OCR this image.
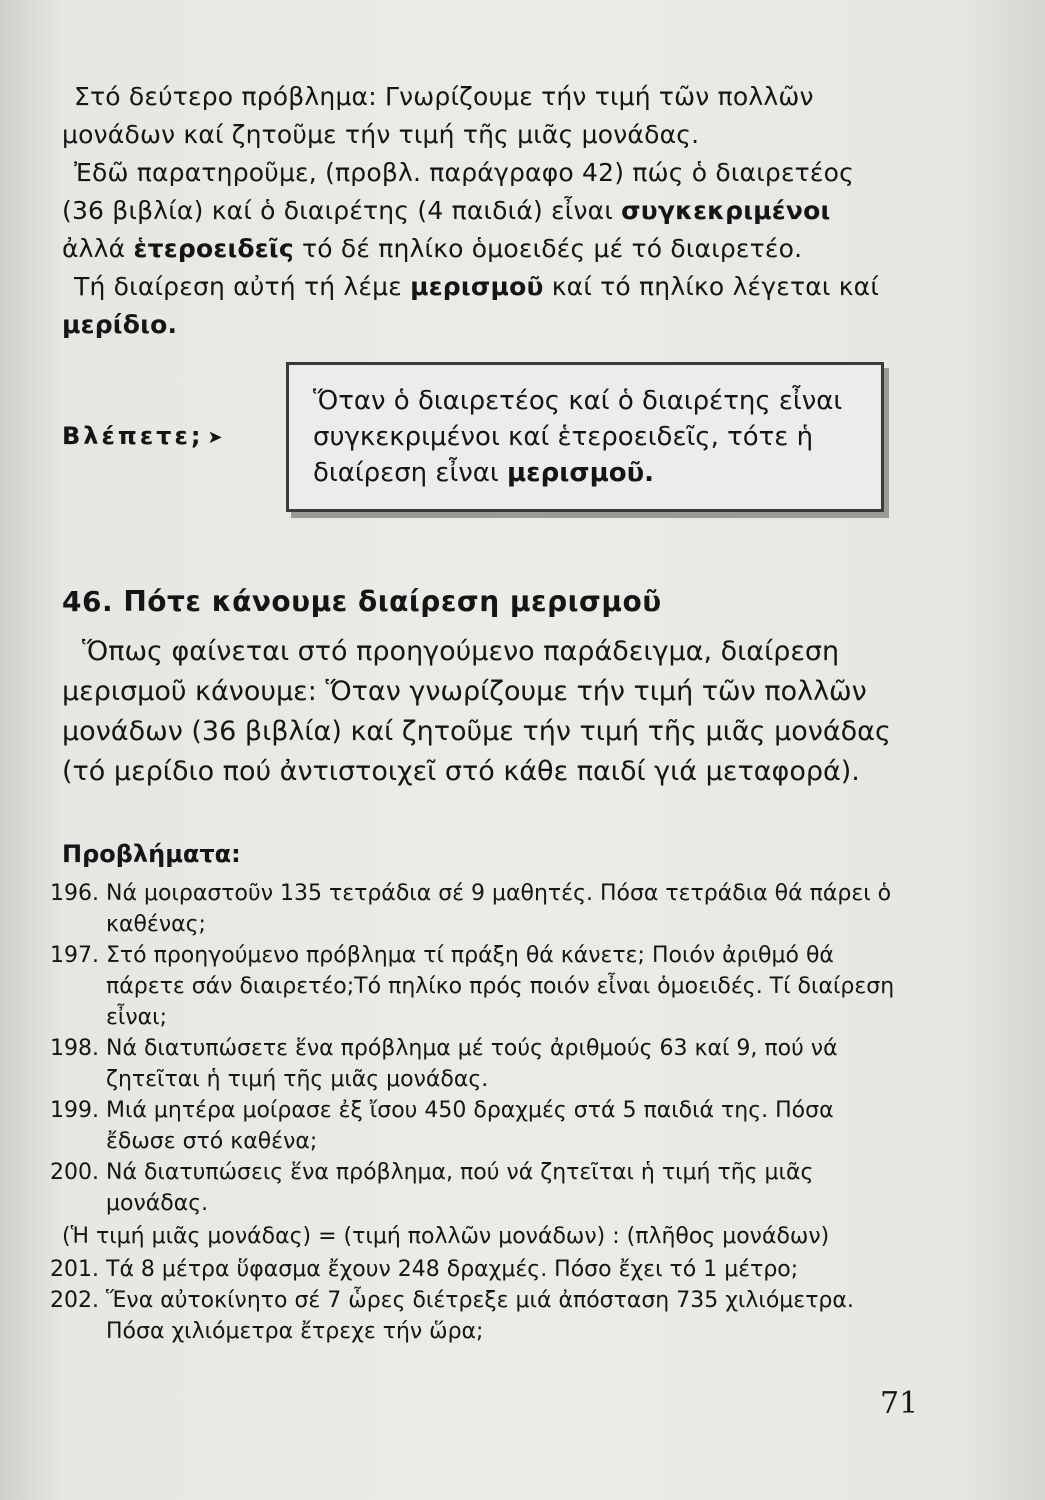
Στό δεύτερο πρόβλημα: Γνωρίζουμε τήν τιμή τῶν πολλῶν μονάδων καί ζητοῦμε τήν τιμή τῆς μιᾶς μονάδας.
Ἐδῶ παρατηροῦμε, (προβλ. παράγραφο 42) πώς ὁ διαιρετέος (36 βιβλία) καί ὁ διαιρέτης (4 παιδιά) εἶναι συγκεκριμένοι ἀλλά ἑτεροειδεῖς τό δέ πηλίκο ὁμοειδές μέ τό διαιρετέο.
Τή διαίρεση αὐτή τή λέμε μερισμοῦ καί τό πηλίκο λέγεται καί μερίδιο.
Βλέπετε; ➤
Ὅταν ὁ διαιρετέος καί ὁ διαιρέτης εἶναι συγκεκριμένοι καί ἑτεροειδεῖς, τότε ἡ διαίρεση εἶναι μερισμοῦ.
46. Πότε κάνουμε διαίρεση μερισμοῦ
Ὅπως φαίνεται στό προηγούμενο παράδειγμα, διαίρεση μερισμοῦ κάνουμε: Ὅταν γνωρίζουμε τήν τιμή τῶν πολλῶν μονάδων (36 βιβλία) καί ζητοῦμε τήν τιμή τῆς μιᾶς μονάδας (τό μερίδιο πού ἀντιστοιχεῖ στό κάθε παιδί γιά μεταφορά).
Προβλήματα:
196. Νά μοιραστοῦν 135 τετράδια σέ 9 μαθητές. Πόσα τετράδια θά πάρει ὁ καθένας;
197. Στό προηγούμενο πρόβλημα τί πράξη θά κάνετε; Ποιόν ἀριθμό θά πάρετε σάν διαιρετέο;Τό πηλίκο πρός ποιόν εἶναι ὁμοειδές. Τί διαίρεση εἶναι;
198. Νά διατυπώσετε ἕνα πρόβλημα μέ τούς ἀριθμούς 63 καί 9, πού νά ζητεῖται ἡ τιμή τῆς μιᾶς μονάδας.
199. Μιά μητέρα μοίρασε ἐξ ἴσου 450 δραχμές στά 5 παιδιά της. Πόσα ἔδωσε στό καθένα;
200. Νά διατυπώσεις ἕνα πρόβλημα, πού νά ζητεῖται ἡ τιμή τῆς μιᾶς μονάδας.
(Ἡ τιμή μιᾶς μονάδας) = (τιμή πολλῶν μονάδων) : (πλῆθος μονάδων)
201. Τά 8 μέτρα ὕφασμα ἔχουν 248 δραχμές. Πόσο ἔχει τό 1 μέτρο;
202. Ἕνα αὐτοκίνητο σέ 7 ὧρες διέτρεξε μιά ἀπόσταση 735 χιλιόμετρα. Πόσα χιλιόμετρα ἔτρεχε τήν ὥρα;
71
